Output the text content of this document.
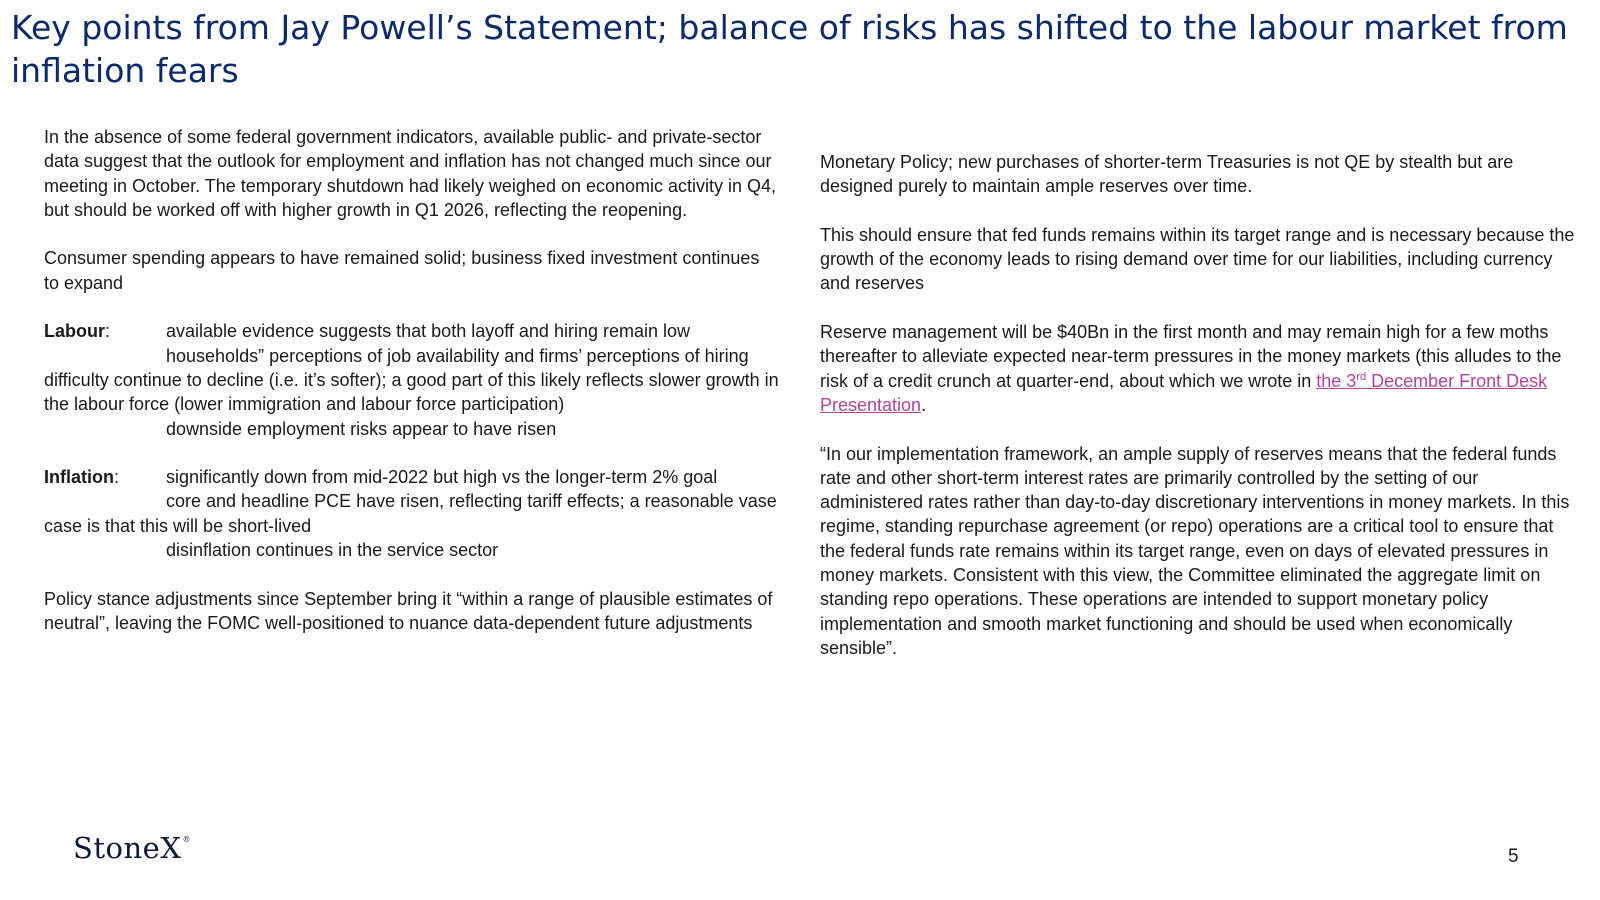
Key points from Jay Powell’s Statement; balance of risks has shifted to the labour market from inflation fears

In the absence of some federal government indicators, available public- and private-sector data suggest that the outlook for employment and inflation has not changed much since our meeting in October. The temporary shutdown had likely weighed on economic activity in Q4, but should be worked off with higher growth in Q1 2026, reflecting the reopening.

Consumer spending appears to have remained solid; business fixed investment continues to expand

Labour:	available evidence suggests that both layoff and hiring remain low
households” perceptions of job availability and firms’ perceptions of hiring difficulty continue to decline (i.e. it’s softer); a good part of this likely reflects slower growth in the labour force (lower immigration and labour force participation)
downside employment risks appear to have risen
Inflation:	significantly down from mid-2022 but high vs the longer-term 2% goal
core and headline PCE have risen, reflecting tariff effects; a reasonable vase case is that this will be short-lived
disinflation continues in the service sector

Policy stance adjustments since September bring it “within a range of plausible estimates of neutral”, leaving the FOMC well-positioned to nuance data-dependent future adjustments

Monetary Policy; new purchases of shorter-term Treasuries is not QE by stealth but are designed purely to maintain ample reserves over time.

This should ensure that fed funds remains within its target range and is necessary because the growth of the economy leads to rising demand over time for our liabilities, including currency and reserves

Reserve management will be $40Bn in the first month and may remain high for a few moths thereafter to alleviate expected near-term pressures in the money markets (this alludes to the risk of a credit crunch at quarter-end, about which we wrote in the 3rd December Front Desk Presentation.

“In our implementation framework, an ample supply of reserves means that the federal funds rate and other short-term interest rates are primarily controlled by the setting of our administered rates rather than day-to-day discretionary interventions in money markets. In this regime, standing repurchase agreement (or repo) operations are a critical tool to ensure that the federal funds rate remains within its target range, even on days of elevated pressures in money markets. Consistent with this view, the Committee eliminated the aggregate limit on standing repo operations. These operations are intended to support monetary policy implementation and smooth market functioning and should be used when economically sensible”.

StoneX®
5
